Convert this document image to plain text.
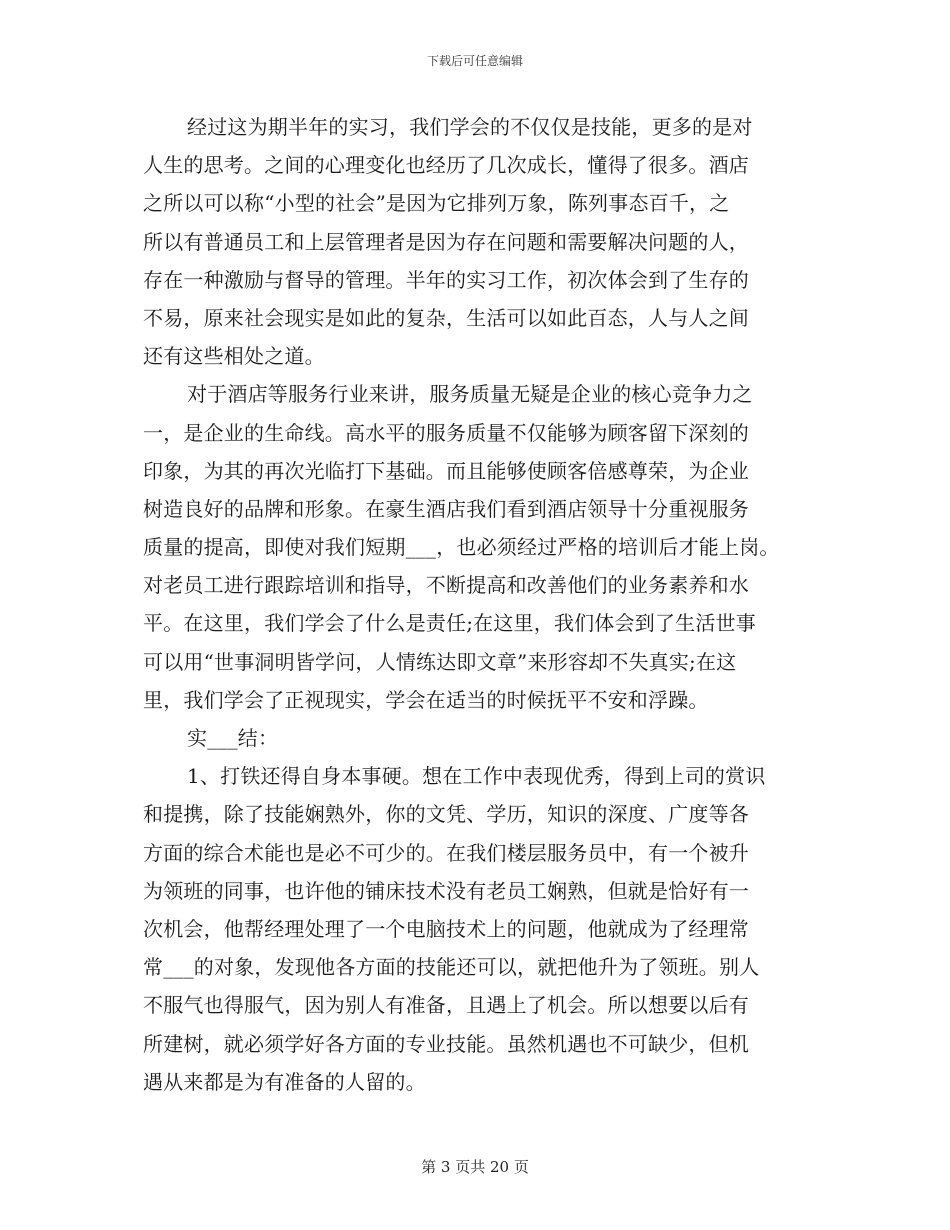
下载后可任意编辑
经过这为期半年的实习，我们学会的不仅仅是技能，更多的是对
人生的思考。之间的心理变化也经历了几次成长，懂得了很多。酒店
之所以可以称“小型的社会”是因为它排列万象，陈列事态百千，之
所以有普通员工和上层管理者是因为存在问题和需要解决问题的人，
存在一种激励与督导的管理。半年的实习工作，初次体会到了生存的
不易，原来社会现实是如此的复杂，生活可以如此百态，人与人之间
还有这些相处之道。
对于酒店等服务行业来讲，服务质量无疑是企业的核心竞争力之
一，是企业的生命线。高水平的服务质量不仅能够为顾客留下深刻的
印象，为其的再次光临打下基础。而且能够使顾客倍感尊荣，为企业
树造良好的品牌和形象。在豪生酒店我们看到酒店领导十分重视服务
质量的提高，即使对我们短期___，也必须经过严格的培训后才能上岗。
对老员工进行跟踪培训和指导，不断提高和改善他们的业务素养和水
平。在这里，我们学会了什么是责任;在这里，我们体会到了生活世事
可以用“世事洞明皆学问，人情练达即文章”来形容却不失真实;在这
里，我们学会了正视现实，学会在适当的时候抚平不安和浮躁。
实___结：
1、打铁还得自身本事硬。想在工作中表现优秀，得到上司的赏识
和提携，除了技能娴熟外，你的文凭、学历，知识的深度、广度等各
方面的综合术能也是必不可少的。在我们楼层服务员中，有一个被升
为领班的同事，也许他的铺床技术没有老员工娴熟，但就是恰好有一
次机会，他帮经理处理了一个电脑技术上的问题，他就成为了经理常
常___的对象，发现他各方面的技能还可以，就把他升为了领班。别人
不服气也得服气，因为别人有准备，且遇上了机会。所以想要以后有
所建树，就必须学好各方面的专业技能。虽然机遇也不可缺少，但机
遇从来都是为有准备的人留的。
第 3 页共 20 页
